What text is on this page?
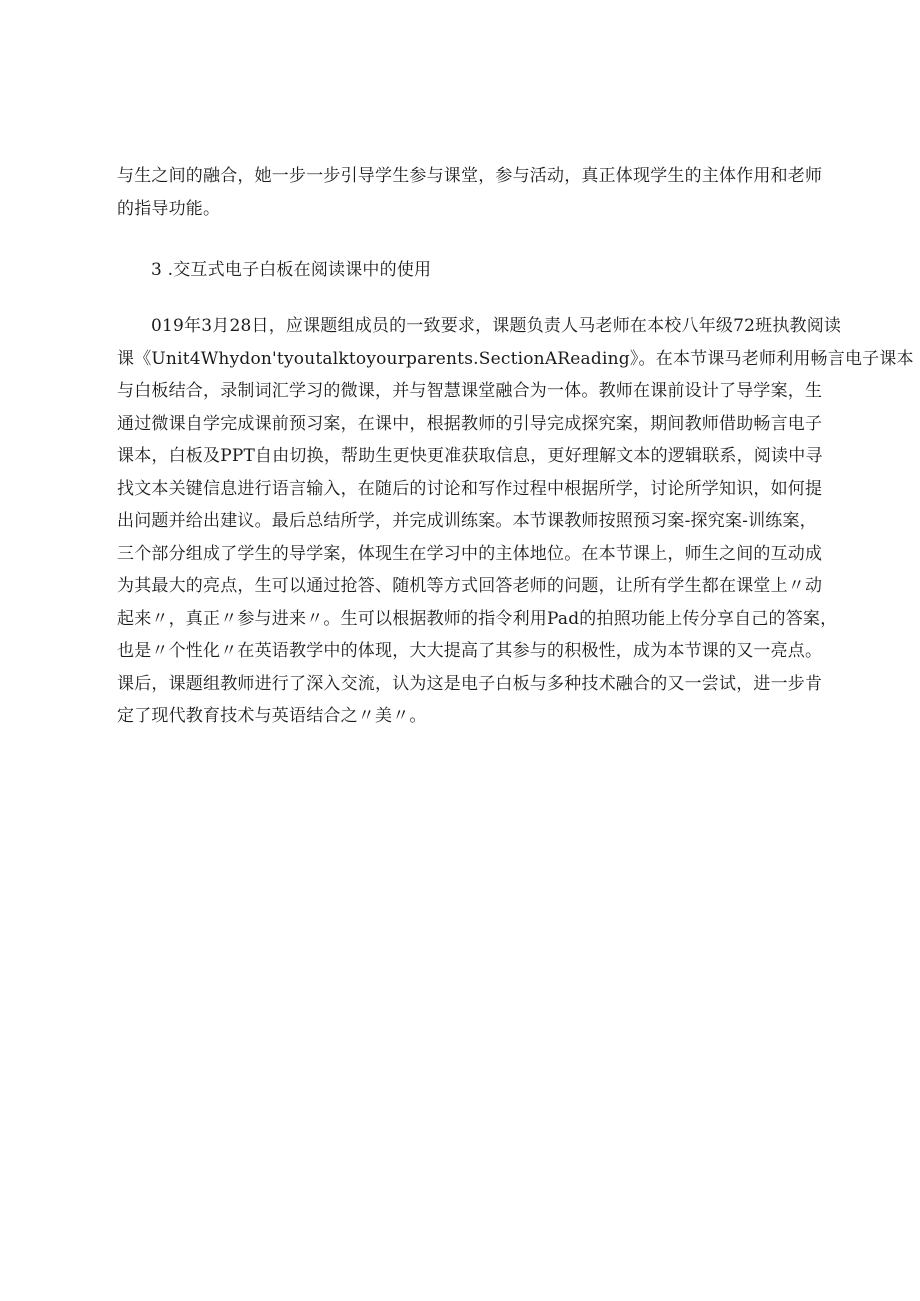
与生之间的融合，她一步一步引导学生参与课堂，参与活动，真正体现学生的主体作用和老师
的指导功能。

3 .交互式电子白板在阅读课中的使用

019年3月28日，应课题组成员的一致要求，课题负责人马老师在本校八年级72班执教阅读
课《Unit4Whydon'tyoutalktoyourparents.SectionAReading》。在本节课马老师利用畅言电子课本
与白板结合，录制词汇学习的微课，并与智慧课堂融合为一体。教师在课前设计了导学案，生
通过微课自学完成课前预习案，在课中，根据教师的引导完成探究案，期间教师借助畅言电子
课本，白板及PPT自由切换，帮助生更快更准获取信息，更好理解文本的逻辑联系，阅读中寻
找文本关键信息进行语言输入，在随后的讨论和写作过程中根据所学，讨论所学知识，如何提
出问题并给出建议。最后总结所学，并完成训练案。本节课教师按照预习案-探究案-训练案，
三个部分组成了学生的导学案，体现生在学习中的主体地位。在本节课上，师生之间的互动成
为其最大的亮点，生可以通过抢答、随机等方式回答老师的问题，让所有学生都在课堂上〃动
起来〃，真正〃参与进来〃。生可以根据教师的指令利用Pad的拍照功能上传分享自己的答案，
也是〃个性化〃在英语教学中的体现，大大提高了其参与的积极性，成为本节课的又一亮点。
课后，课题组教师进行了深入交流，认为这是电子白板与多种技术融合的又一尝试，进一步肯
定了现代教育技术与英语结合之〃美〃。
